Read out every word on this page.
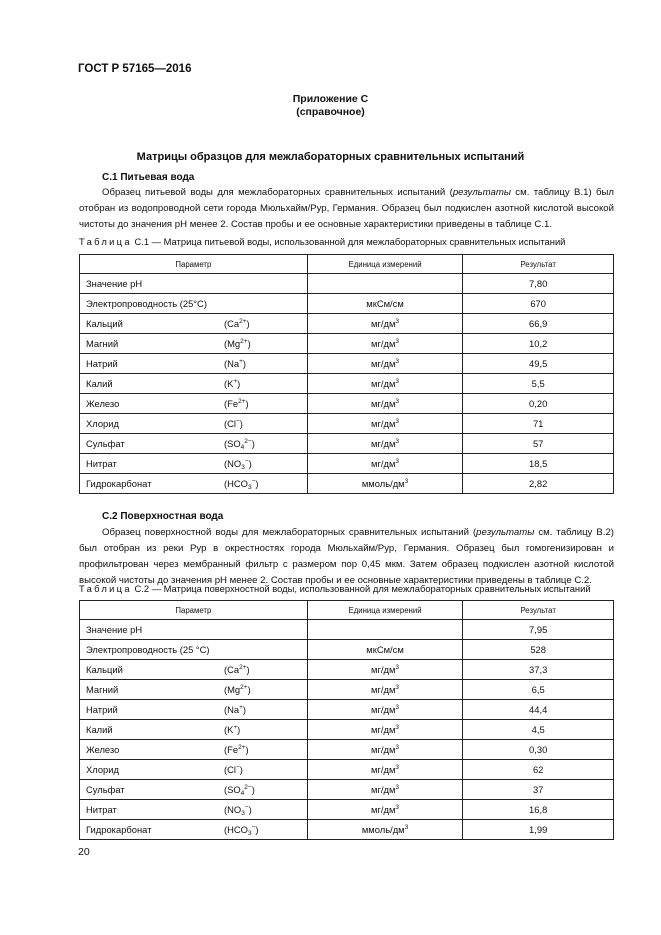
ГОСТ Р 57165—2016
Приложение С
(справочное)
Матрицы образцов для межлабораторных сравнительных испытаний
С.1 Питьевая вода
Образец питьевой воды для межлабораторных сравнительных испытаний (результаты см. таблицу В.1) был отобран из водопроводной сети города Мюльхайм/Рур, Германия. Образец был подкислен азотной кислотой высокой чистоты до значения рН менее 2. Состав пробы и ее основные характеристики приведены в таблице С.1.
Таблица С.1 — Матрица питьевой воды, использованной для межлабораторных сравнительных испытаний
Параметр	Единица измерений	Результат
Значение рН		7,80
Электропроводность (25°С)	мкСм/см	670
Кальций $(Ca^{2+})$	$мг/дм^3$	66,9
Магний $(Mg^{2+})$	$мг/дм^3$	10,2
Натрий (Na+)	$мг/дм^3$	49,5
Калий (K+)	$мг/дм^3$	5,5
Железо $(Fe^{2+})$	$мг/дм^3$	0,20
Хлорид (Cl−)	$мг/дм^3$	71
Сульфат $(SO_4^{2-})$	$мг/дм^3$	57
Нитрат $(NO_3^-)$	$мг/дм^3$	18,5
Гидрокарбонат $(HCO_3^-)$	ммоль/$дм^3$	2,82
С.2 Поверхностная вода
Образец поверхностной воды для межлабораторных сравнительных испытаний (результаты см. таблицу В.2) был отобран из реки Рур в окрестностях города Мюльхайм/Рур, Германия. Образец был гомогенизирован и профильтрован через мембранный фильтр с размером пор 0,45 мкм. Затем образец подкислен азотной кислотой высокой чистоты до значения рН менее 2. Состав пробы и ее основные характеристики приведены в таблице С.2.
Таблица С.2 — Матрица поверхностной воды, использованной для межлабораторных сравнительных испытаний
Параметр	Единица измерений	Результат
Значение рН		7,95
Электропроводность (25 °С)	мкСм/см	528
Кальций $(Ca^{2+})$	$мг/дм^3$	37,3
Магний $(Mg^{2+})$	$мг/дм^3$	6,5
Натрий (Na+)	$мг/дм^3$	44,4
Калий (K+)	$мг/дм^3$	4,5
Железо $(Fe^{2+})$	$мг/дм^3$	0,30
Хлорид (Cl−)	$мг/дм^3$	62
Сульфат $(SO_4^{2-})$	$мг/дм^3$	37
Нитрат $(NO_3^-)$	$мг/дм^3$	16,8
Гидрокарбонат $(HCO_3^-)$	ммоль/$дм^3$	1,99
20
